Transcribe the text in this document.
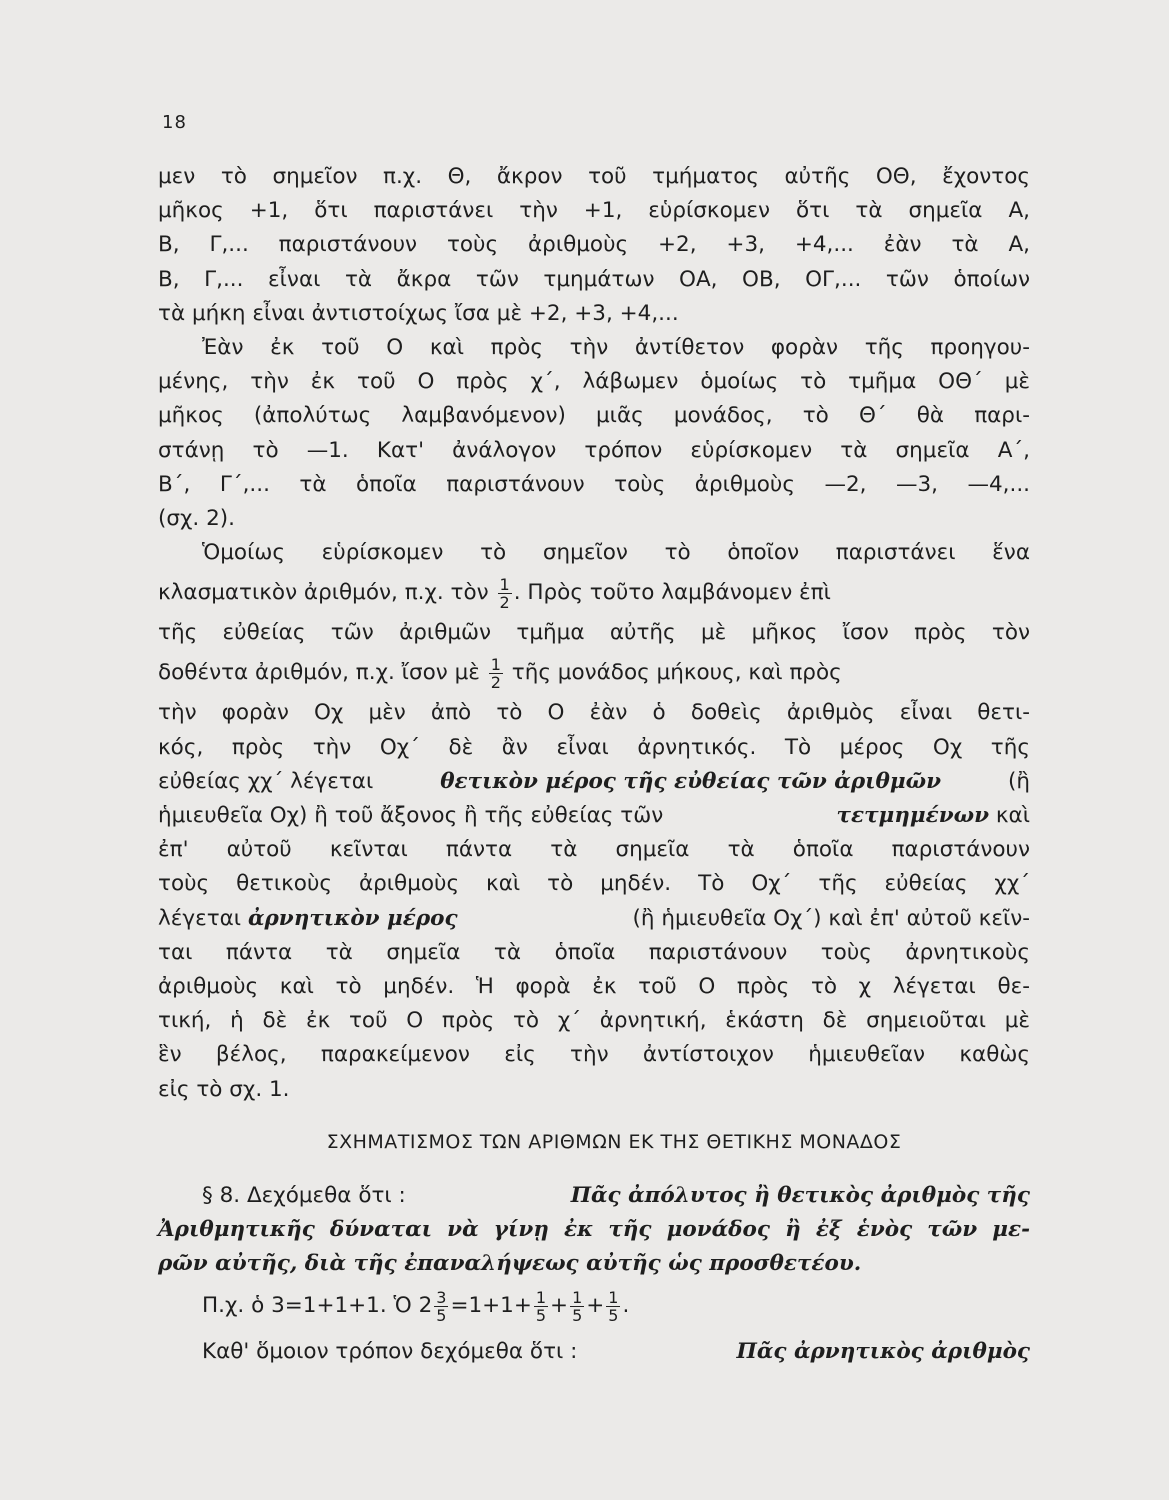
18
μεν τὸ σημεῖον π.χ. Θ, ἄκρον τοῦ τμήματος αὐτῆς ΟΘ, ἔχοντος
μῆκος +1, ὅτι παριστάνει τὴν +1, εὑρίσκομεν ὅτι τὰ σημεῖα Α,
Β, Γ,... παριστάνουν τοὺς ἀριθμοὺς +2, +3, +4,... ἐὰν τὰ Α,
Β, Γ,... εἶναι τὰ ἄκρα τῶν τμημάτων ΟΑ, ΟΒ, ΟΓ,... τῶν ὁποίων
τὰ μήκη εἶναι ἀντιστοίχως ἴσα μὲ +2, +3, +4,...
Ἐὰν ἐκ τοῦ Ο καὶ πρὸς τὴν ἀντίθετον φορὰν τῆς προηγου-
μένης, τὴν ἐκ τοῦ Ο πρὸς χ΄, λάβωμεν ὁμοίως τὸ τμῆμα ΟΘ΄ μὲ
μῆκος (ἀπολύτως λαμβανόμενον) μιᾶς μονάδος, τὸ Θ΄ θὰ παρι-
στάνῃ τὸ —1. Κατ' ἀνάλογον τρόπον εὑρίσκομεν τὰ σημεῖα Α΄,
Β΄, Γ΄,... τὰ ὁποῖα παριστάνουν τοὺς ἀριθμοὺς —2, —3, —4,...
(σχ. 2).
Ὁμοίως εὑρίσκομεν τὸ σημεῖον τὸ ὁποῖον παριστάνει ἕνα
κλασματικὸν ἀριθμόν, π.χ. τὸν $\frac{1}{2}$ . Πρὸς τοῦτο λαμβάνομεν ἐπὶ
τῆς εὐθείας τῶν ἀριθμῶν τμῆμα αὐτῆς μὲ μῆκος ἴσον πρὸς τὸν
δοθέντα ἀριθμόν, π.χ. ἴσον μὲ $\frac{1}{2}$ τῆς μονάδος μήκους, καὶ πρὸς
τὴν φορὰν Οχ μὲν ἀπὸ τὸ Ο ἐὰν ὁ δοθεὶς ἀριθμὸς εἶναι θετι-
κός, πρὸς τὴν Οχ΄ δὲ ἂν εἶναι ἀρνητικός. Τὸ μέρος Οχ τῆς
εὐθείας χχ΄ λέγεται	θετικὸν μέρος τῆς εὐθείας τῶν ἀριθμῶν	(ἢ
ἡμιευθεῖα Οχ) ἢ τοῦ ἄξονος ἢ τῆς εὐθείας τῶν	τετμημένων καὶ
ἐπ' αὐτοῦ κεῖνται πάντα τὰ σημεῖα τὰ ὁποῖα παριστάνουν
τοὺς θετικοὺς ἀριθμοὺς καὶ τὸ μηδέν. Τὸ Οχ΄ τῆς εὐθείας χχ΄
λέγεται ἀρνητικὸν μέρος	(ἢ ἡμιευθεῖα Οχ΄) καὶ ἐπ' αὐτοῦ κεῖν-
ται πάντα τὰ σημεῖα τὰ ὁποῖα παριστάνουν τοὺς ἀρνητικοὺς
ἀριθμοὺς καὶ τὸ μηδέν. Ἡ φορὰ ἐκ τοῦ Ο πρὸς τὸ χ λέγεται θε-
τική, ἡ δὲ ἐκ τοῦ Ο πρὸς τὸ χ΄ ἀρνητική, ἑκάστη δὲ σημειοῦται μὲ
ἓν βέλος, παρακείμενον εἰς τὴν ἀντίστοιχον ἡμιευθεῖαν καθὼς
εἰς τὸ σχ. 1.
ΣΧΗΜΑΤΙΣΜΟΣ ΤΩΝ ΑΡΙΘΜΩΝ ΕΚ ΤΗΣ ΘΕΤΙΚΗΣ ΜΟΝΑΔΟΣ
§ 8. Δεχόμεθα ὅτι :	Πᾶς ἀπόλυτος ἢ θετικὸς ἀριθμὸς τῆς
Ἀριθμητικῆς δύναται νὰ γίνῃ ἐκ τῆς μονάδος ἢ ἐξ ἑνὸς τῶν με-
ρῶν αὐτῆς, διὰ τῆς ἐπαναλήψεως αὐτῆς ὡς προσθετέου.
Π.χ. ὁ 3=1+1+1. Ὁ $2 \frac{3}{5} =1+1+ \frac{1}{5} + \frac{1}{5} + \frac{1}{5}$ .
Καθ' ὅμοιον τρόπον δεχόμεθα ὅτι :	Πᾶς ἀρνητικὸς ἀριθμὸς
